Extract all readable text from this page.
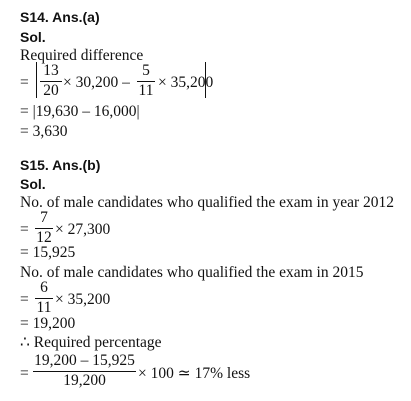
S14. Ans.(a)
Sol.
Required difference
=
13
20 × 30,200 –
5
11 × 35,200
= |19,630 – 16,000|
= 3,630
S15. Ans.(b)
Sol.
No. of male candidates who qualified the exam in year 2012
=
7
12 × 27,300
= 15,925
No. of male candidates who qualified the exam in 2015
=
6
11 × 35,200
= 19,200
∴ Required percentage
=
19,200 – 15,925
19,200	× 100 ≃ 17% less
